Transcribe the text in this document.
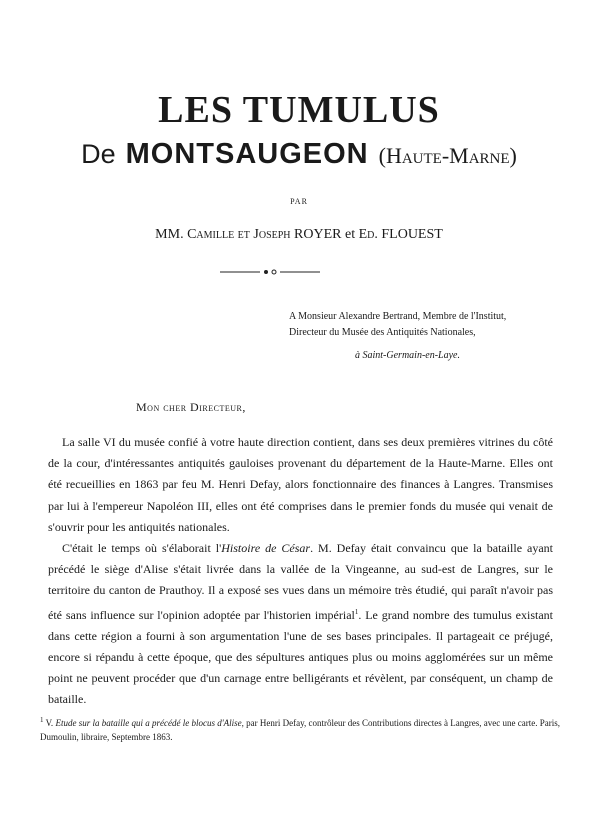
LES TUMULUS
De MONTSAUGEON (Haute-Marne)
PAR
MM. Camille et Joseph ROYER et Ed. FLOUEST
A Monsieur Alexandre Bertrand, Membre de l'Institut, Directeur du Musée des Antiquités Nationales,
à Saint-Germain-en-Laye.
Mon cher Directeur,

La salle VI du musée confié à votre haute direction contient, dans ses deux premières vitrines du côté de la cour, d'intéressantes antiquités gauloises provenant du département de la Haute-Marne. Elles ont été recueillies en 1863 par feu M. Henri Defay, alors fonctionnaire des finances à Langres. Transmises par lui à l'empereur Napoléon III, elles ont été comprises dans le premier fonds du musée qui venait de s'ouvrir pour les antiquités nationales.

C'était le temps où s'élaborait l'Histoire de César. M. Defay était convaincu que la bataille ayant précédé le siège d'Alise s'était livrée dans la vallée de la Vingeanne, au sud-est de Langres, sur le territoire du canton de Prauthoy. Il a exposé ses vues dans un mémoire très étudié, qui paraît n'avoir pas été sans influence sur l'opinion adoptée par l'historien impérial$^1$. Le grand nombre des tumulus existant dans cette région a fourni à son argumentation l'une de ses bases principales. Il partageait ce préjugé, encore si répandu à cette époque, que des sépultures antiques plus ou moins agglomérées sur un même point ne peuvent procéder que d'un carnage entre belligérants et révèlent, par conséquent, un champ de bataille.

$^1$ V. Etude sur la bataille qui a précédé le blocus d'Alise, par Henri Defay, contrôleur des Contributions directes à Langres, avec une carte. Paris, Dumoulin, libraire, Septembre 1863.
